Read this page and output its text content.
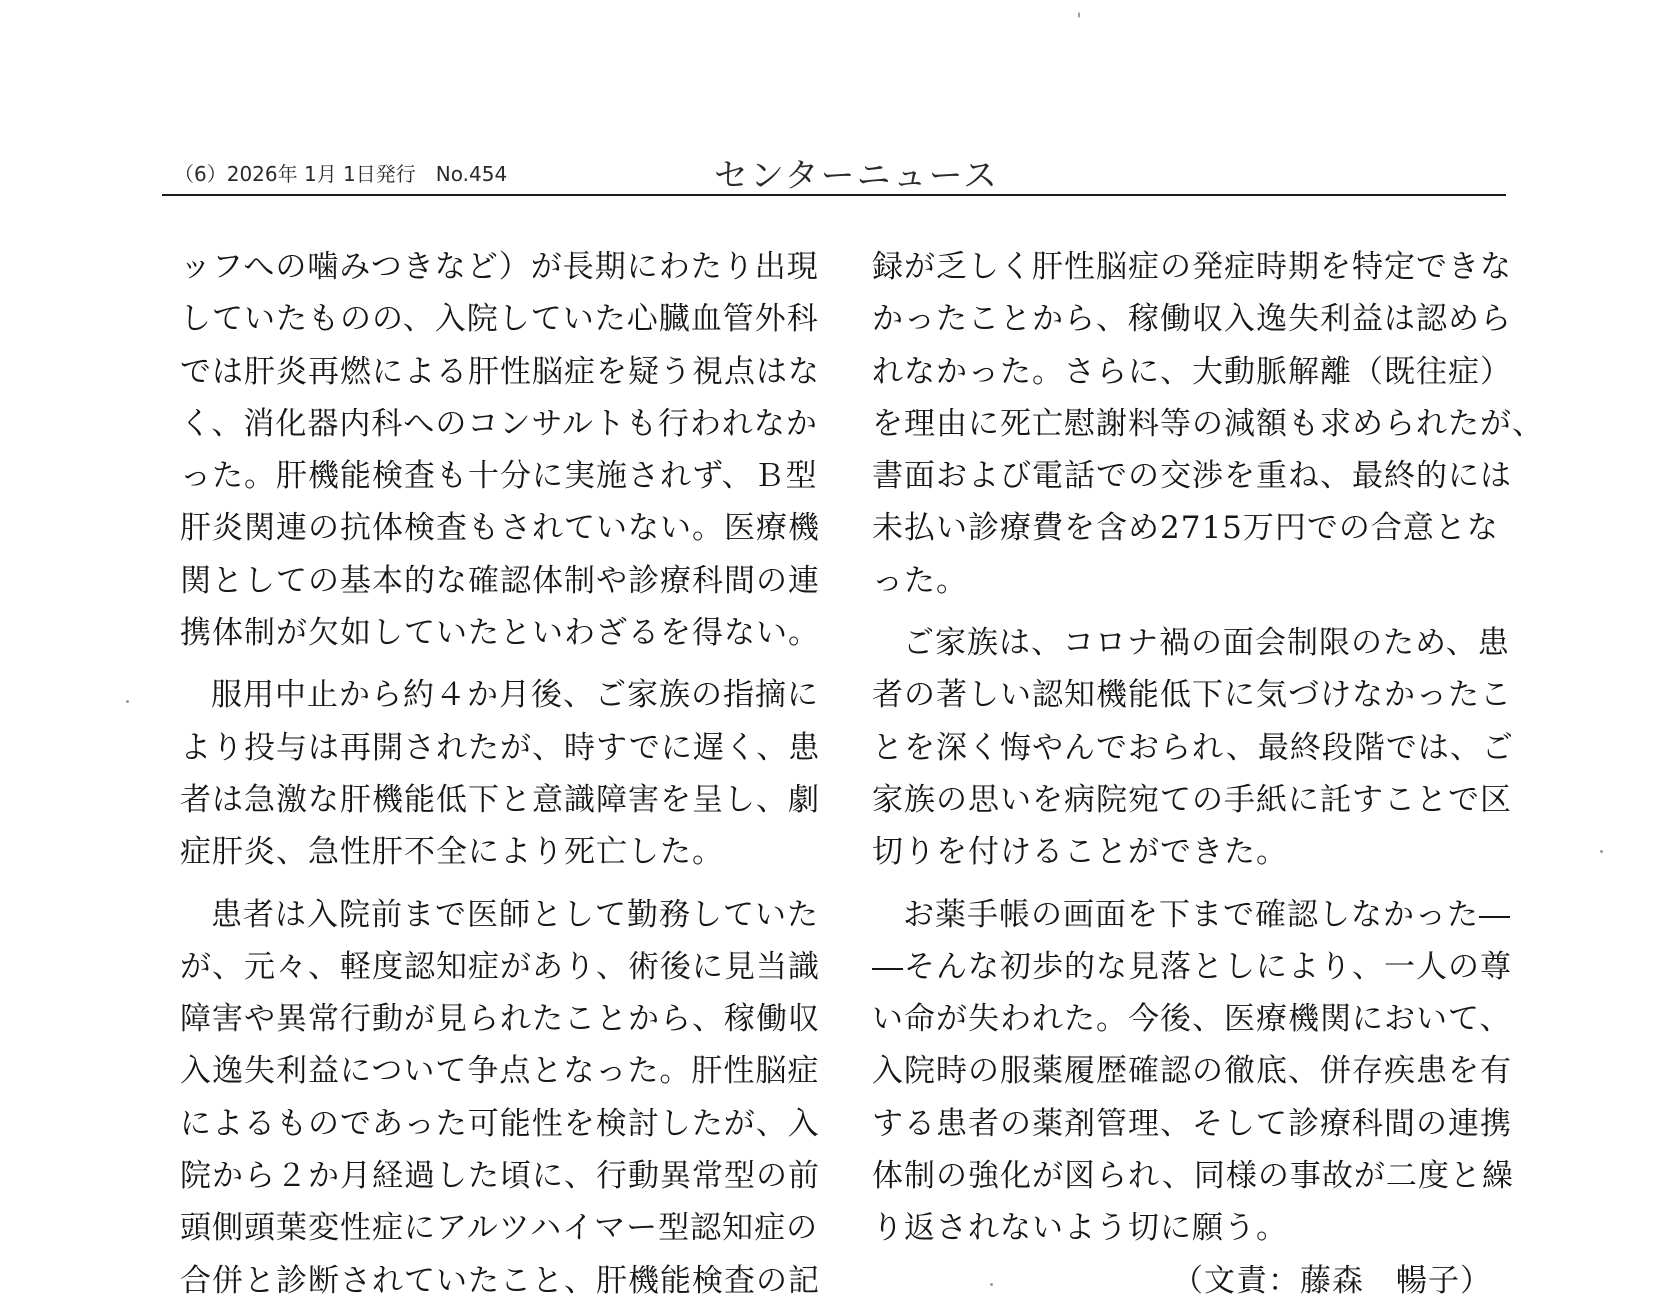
（6）2026年 1月 1日発行　No.454	センターニュース
ッフへの噛みつきなど）が長期にわたり出現
していたものの、入院していた心臓血管外科
では肝炎再燃による肝性脳症を疑う視点はな
く、消化器内科へのコンサルトも行われなか
った。肝機能検査も十分に実施されず、Ｂ型
肝炎関連の抗体検査もされていない。医療機
関としての基本的な確認体制や診療科間の連
携体制が欠如していたといわざるを得ない。
服用中止から約４か月後、ご家族の指摘に
より投与は再開されたが、時すでに遅く、患
者は急激な肝機能低下と意識障害を呈し、劇
症肝炎、急性肝不全により死亡した。
患者は入院前まで医師として勤務していた
が、元々、軽度認知症があり、術後に見当識
障害や異常行動が見られたことから、稼働収
入逸失利益について争点となった。肝性脳症
によるものであった可能性を検討したが、入
院から２か月経過した頃に、行動異常型の前
頭側頭葉変性症にアルツハイマー型認知症の
合併と診断されていたこと、肝機能検査の記
録が乏しく肝性脳症の発症時期を特定できな
かったことから、稼働収入逸失利益は認めら
れなかった。さらに、大動脈解離（既往症）
を理由に死亡慰謝料等の減額も求められたが、
書面および電話での交渉を重ね、最終的には
未払い診療費を含め2715万円での合意とな
った。
ご家族は、コロナ禍の面会制限のため、患
者の著しい認知機能低下に気づけなかったこ
とを深く悔やんでおられ、最終段階では、ご
家族の思いを病院宛ての手紙に託すことで区
切りを付けることができた。
お薬手帳の画面を下まで確認しなかった―
―そんな初歩的な見落としにより、一人の尊
い命が失われた。今後、医療機関において、
入院時の服薬履歴確認の徹底、併存疾患を有
する患者の薬剤管理、そして診療科間の連携
体制の強化が図られ、同様の事故が二度と繰
り返されないよう切に願う。
（文責：藤森　暢子）
